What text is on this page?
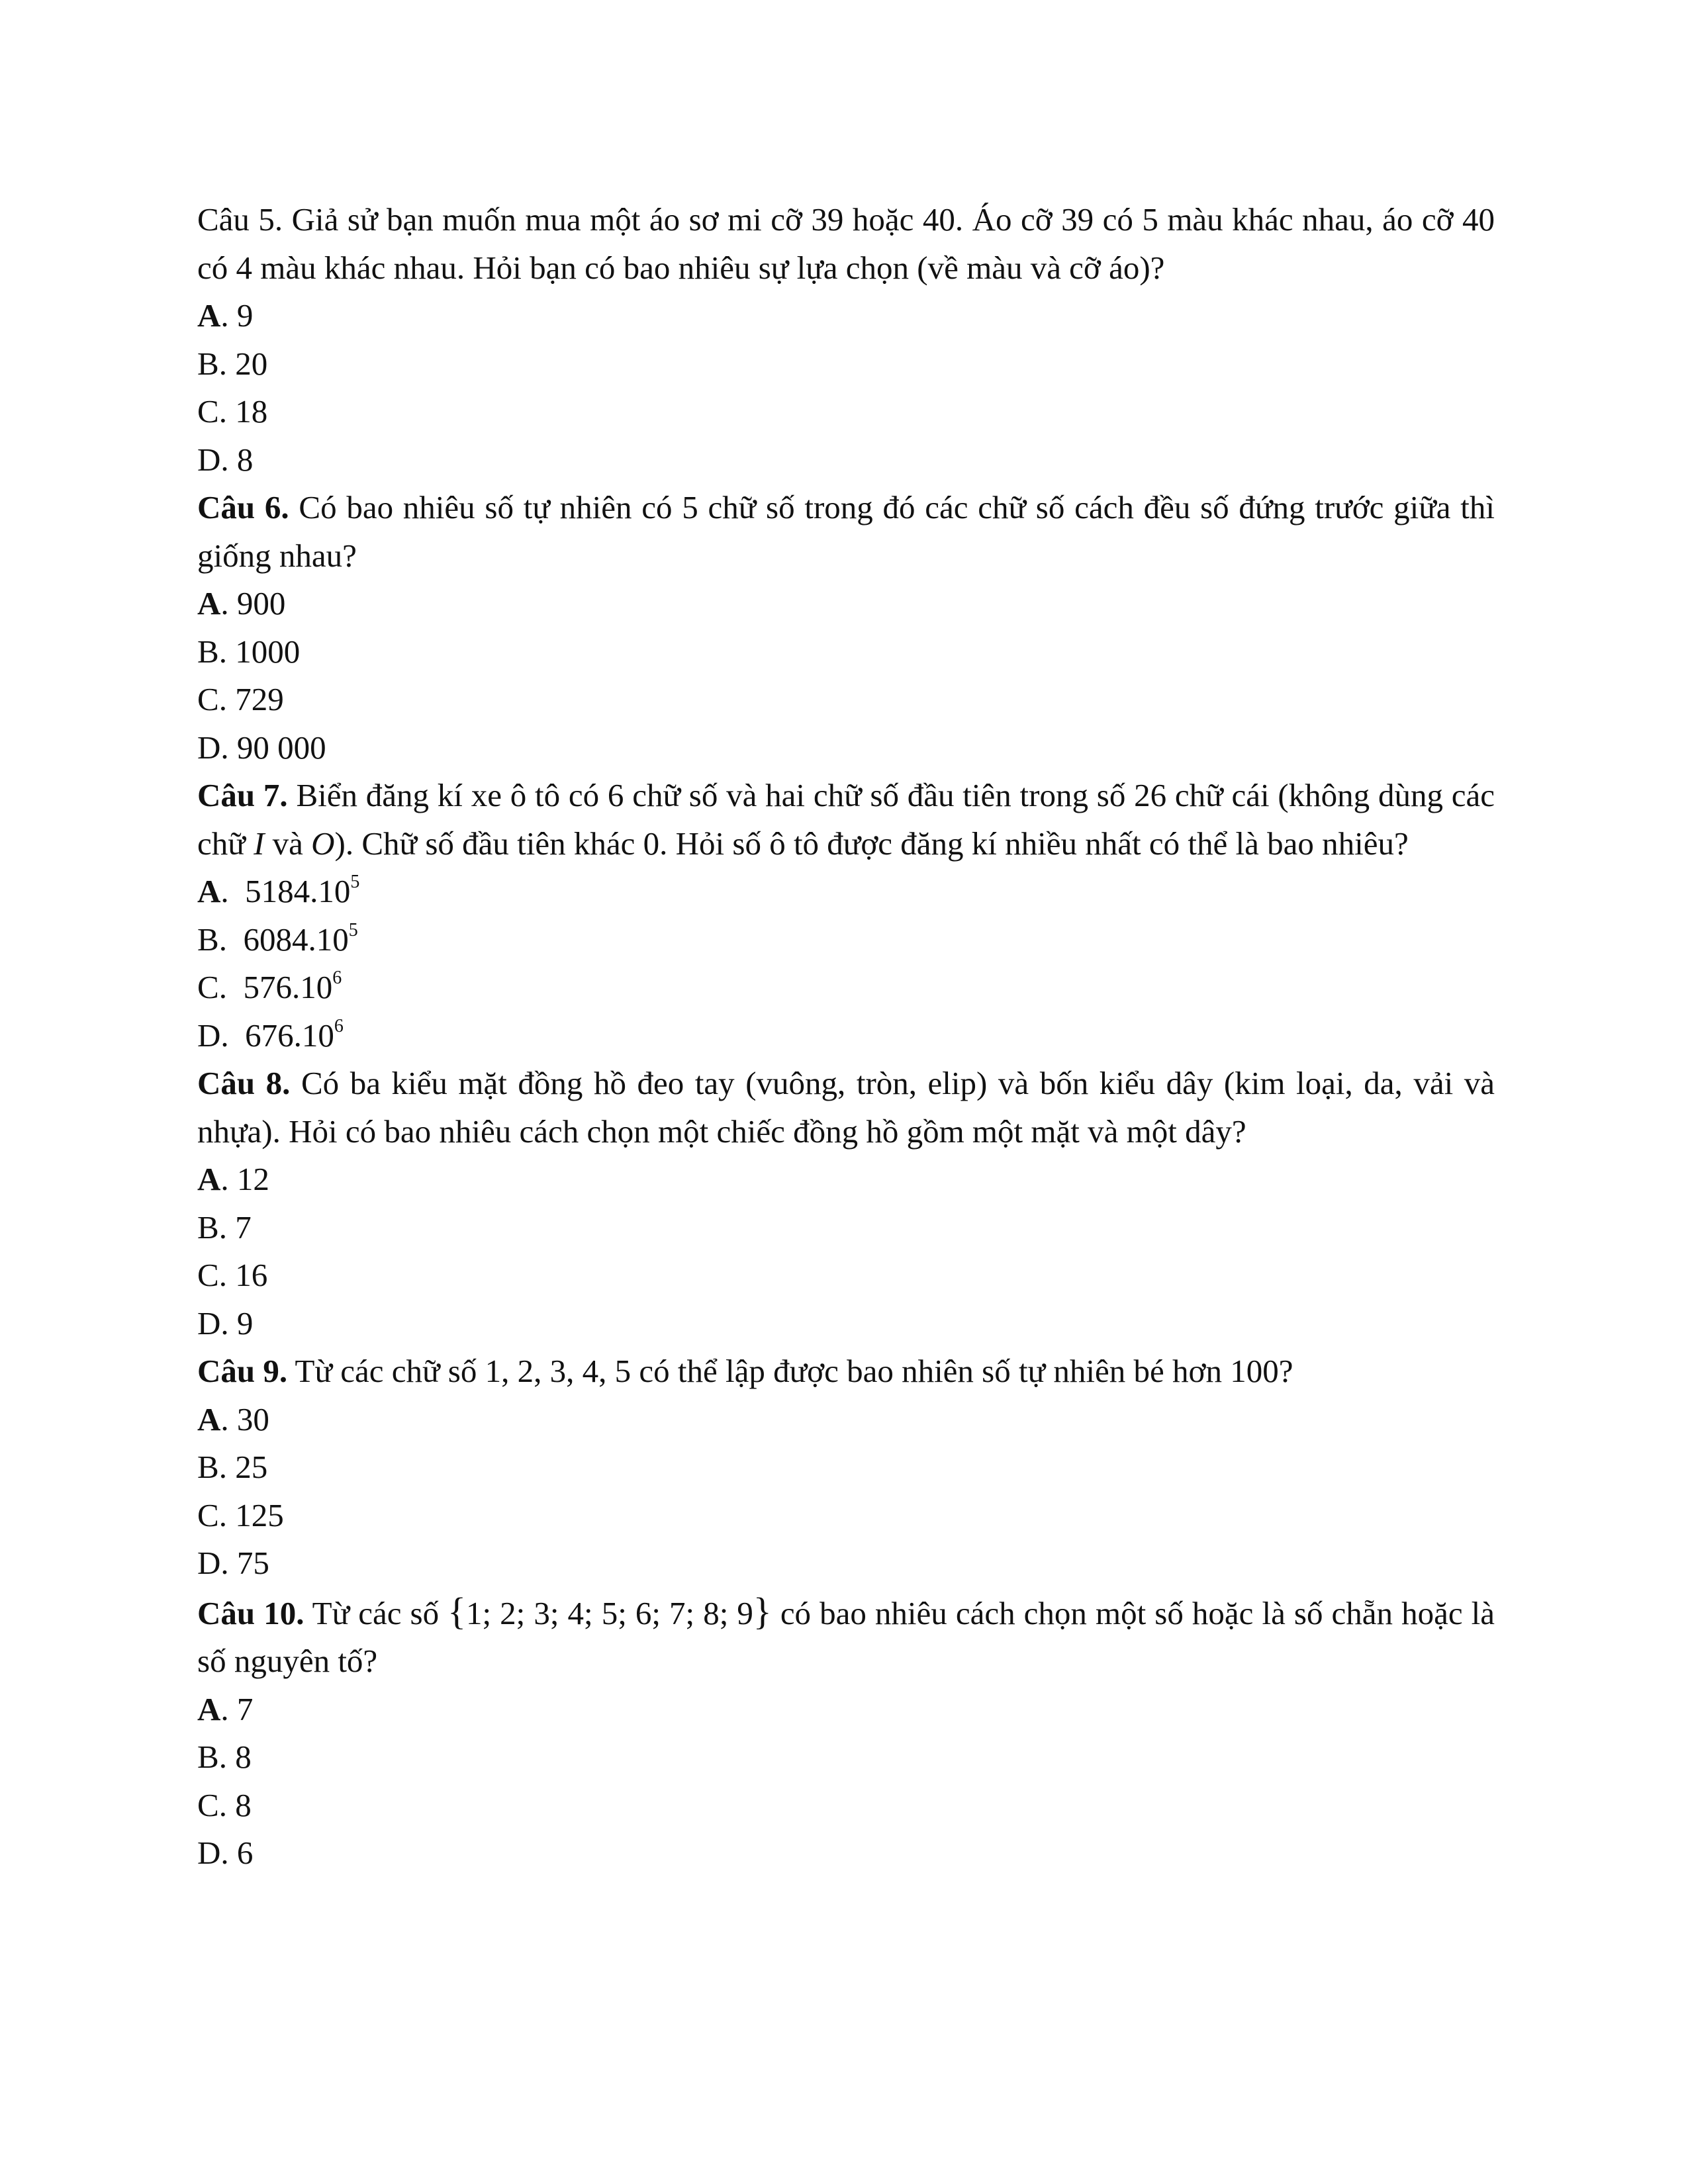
Câu 5. Giả sử bạn muốn mua một áo sơ mi cỡ 39 hoặc 40. Áo cỡ 39 có 5 màu khác nhau, áo cỡ 40 có 4 màu khác nhau. Hỏi bạn có bao nhiêu sự lựa chọn (về màu và cỡ áo)?
A. 9
B. 20
C. 18
D. 8
Câu 6. Có bao nhiêu số tự nhiên có 5 chữ số trong đó các chữ số cách đều số đứng trước giữa thì giống nhau?
A. 900
B. 1000
C. 729
D. 90 000
Câu 7. Biển đăng kí xe ô tô có 6 chữ số và hai chữ số đầu tiên trong số 26 chữ cái (không dùng các chữ I và O). Chữ số đầu tiên khác 0. Hỏi số ô tô được đăng kí nhiều nhất có thể là bao nhiêu?
A.  5184.10$^5$
B.  6084.10$^5$
C.  576.10$^6$
D.  676.10$^6$
Câu 8. Có ba kiểu mặt đồng hồ đeo tay (vuông, tròn, elip) và bốn kiểu dây (kim loại, da, vải và nhựa). Hỏi có bao nhiêu cách chọn một chiếc đồng hồ gồm một mặt và một dây?
A. 12
B. 7
C. 16
D. 9
Câu 9. Từ các chữ số 1, 2, 3, 4, 5 có thể lập được bao nhiên số tự nhiên bé hơn 100?
A. 30
B. 25
C. 125
D. 75
Câu 10. Từ các số {1; 2; 3; 4; 5; 6; 7; 8; 9} có bao nhiêu cách chọn một số hoặc là số chẵn hoặc là số nguyên tố?
A. 7
B. 8
C. 8
D. 6
